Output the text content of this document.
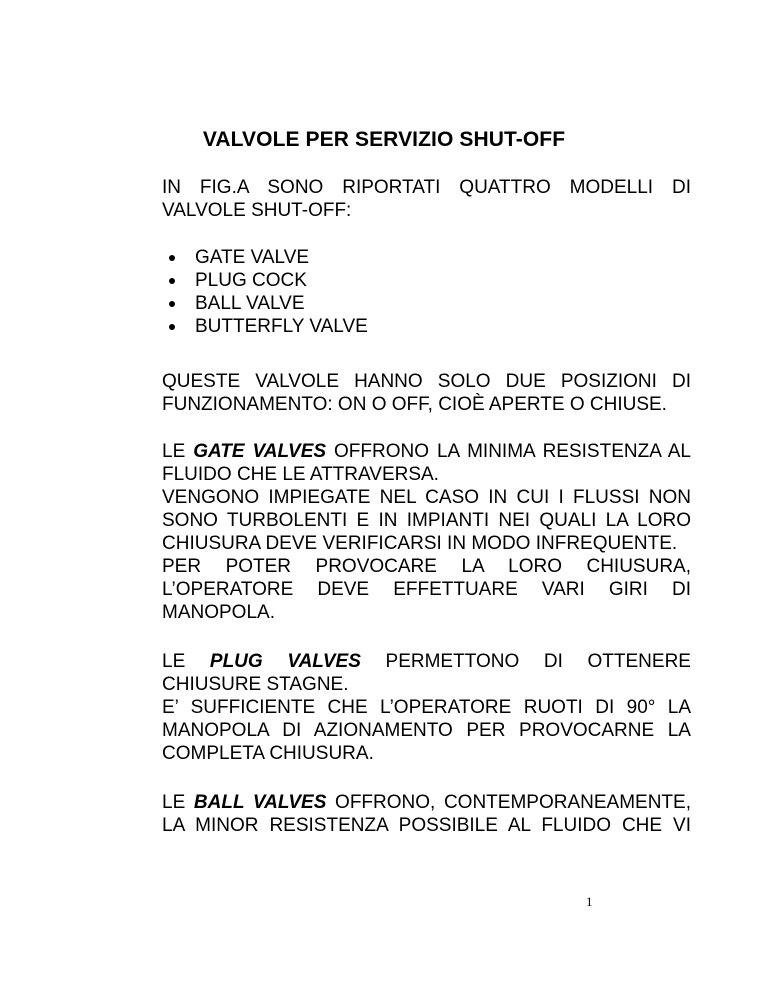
VALVOLE PER SERVIZIO SHUT-OFF
IN FIG.A SONO RIPORTATI QUATTRO MODELLI DI
VALVOLE SHUT-OFF:
GATE VALVE
PLUG COCK
BALL VALVE
BUTTERFLY VALVE
QUESTE VALVOLE HANNO SOLO DUE POSIZIONI DI
FUNZIONAMENTO: ON O OFF, CIOÈ APERTE O CHIUSE.
LE GATE VALVES OFFRONO LA MINIMA RESISTENZA AL
FLUIDO CHE LE ATTRAVERSA.
VENGONO IMPIEGATE NEL CASO IN CUI I FLUSSI NON
SONO TURBOLENTI E IN IMPIANTI NEI QUALI LA LORO
CHIUSURA DEVE VERIFICARSI IN MODO INFREQUENTE.
PER POTER PROVOCARE LA LORO CHIUSURA,
L’OPERATORE DEVE EFFETTUARE VARI GIRI DI
MANOPOLA.
LE PLUG VALVES PERMETTONO DI OTTENERE
CHIUSURE STAGNE.
E’ SUFFICIENTE CHE L’OPERATORE RUOTI DI 90° LA
MANOPOLA DI AZIONAMENTO PER PROVOCARNE LA
COMPLETA CHIUSURA.
LE BALL VALVES OFFRONO, CONTEMPORANEAMENTE,
LA MINOR RESISTENZA POSSIBILE AL FLUIDO CHE VI
1
